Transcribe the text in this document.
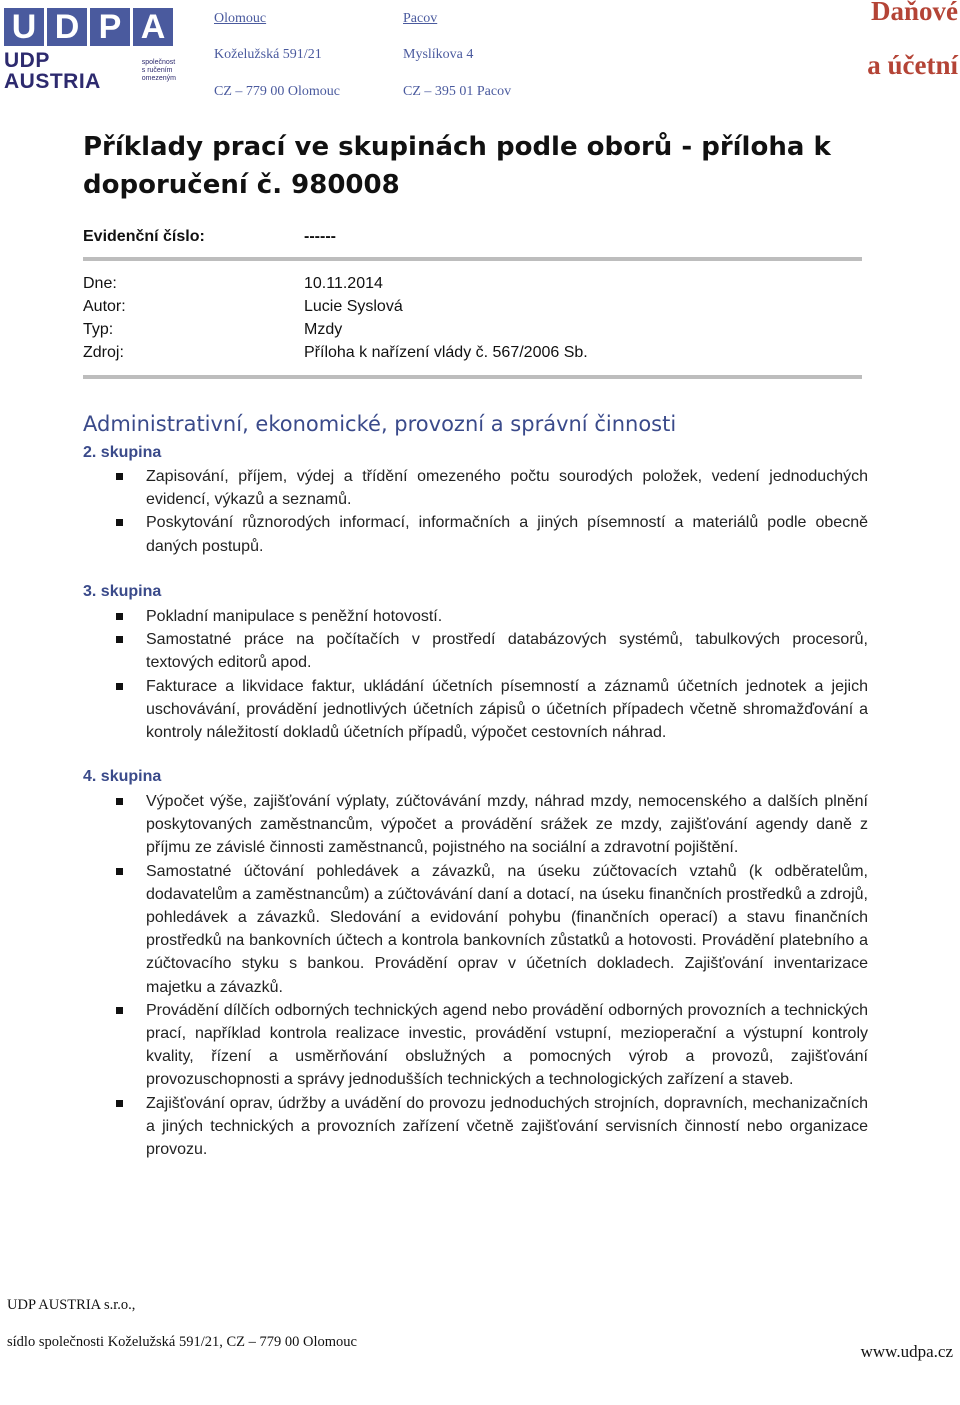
U D P A
UDP AUSTRIA
společnost
s ručením
omezeným
Olomouc
Koželužská 591/21
CZ – 779 00 Olomouc
Pacov
Myslíkova 4
CZ – 395 01 Pacov
Daňové
a účetní
Příklady prací ve skupinách podle oborů - příloha k doporučení č. 980008
Evidenční číslo:	------
Dne:	10.11.2014
Autor:	Lucie Syslová
Typ:	Mzdy
Zdroj:	Příloha k nařízení vlády č. 567/2006 Sb.
Administrativní, ekonomické, provozní a správní činnosti
2. skupina
Zapisování, příjem, výdej a třídění omezeného počtu sourodých položek, vedení jednoduchých evidencí, výkazů a seznamů.
Poskytování různorodých informací, informačních a jiných písemností a materiálů podle obecně daných postupů.
3. skupina
Pokladní manipulace s peněžní hotovostí.
Samostatné práce na počítačích v prostředí databázových systémů, tabulkových procesorů, textových editorů apod.
Fakturace a likvidace faktur, ukládání účetních písemností a záznamů účetních jednotek a jejich uschovávání, provádění jednotlivých účetních zápisů o účetních případech včetně shromažďování a kontroly náležitostí dokladů účetních případů, výpočet cestovních náhrad.
4. skupina
Výpočet výše, zajišťování výplaty, zúčtovávání mzdy, náhrad mzdy, nemocenského a dalších plnění poskytovaných zaměstnancům, výpočet a provádění srážek ze mzdy, zajišťování agendy daně z příjmu ze závislé činnosti zaměstnanců, pojistného na sociální a zdravotní pojištění.
Samostatné účtování pohledávek a závazků, na úseku zúčtovacích vztahů (k odběratelům, dodavatelům a zaměstnancům) a zúčtovávání daní a dotací, na úseku finančních prostředků a zdrojů, pohledávek a závazků. Sledování a evidování pohybu (finančních operací) a stavu finančních prostředků na bankovních účtech a kontrola bankovních zůstatků a hotovosti. Provádění platebního a zúčtovacího styku s bankou. Provádění oprav v účetních dokladech. Zajišťování inventarizace majetku a závazků.
Provádění dílčích odborných technických agend nebo provádění odborných provozních a technických prací, například kontrola realizace investic, provádění vstupní, mezioperační a výstupní kontroly kvality, řízení a usměrňování obslužných a pomocných výrob a provozů, zajišťování provozuschopnosti a správy jednodušších technických a technologických zařízení a staveb.
Zajišťování oprav, údržby a uvádění do provozu jednoduchých strojních, dopravních, mechanizačních a jiných technických a provozních zařízení včetně zajišťování servisních činností nebo organizace provozu.
UDP AUSTRIA s.r.o.,
sídlo společnosti Koželužská 591/21, CZ – 779 00 Olomouc	www.udpa.cz
